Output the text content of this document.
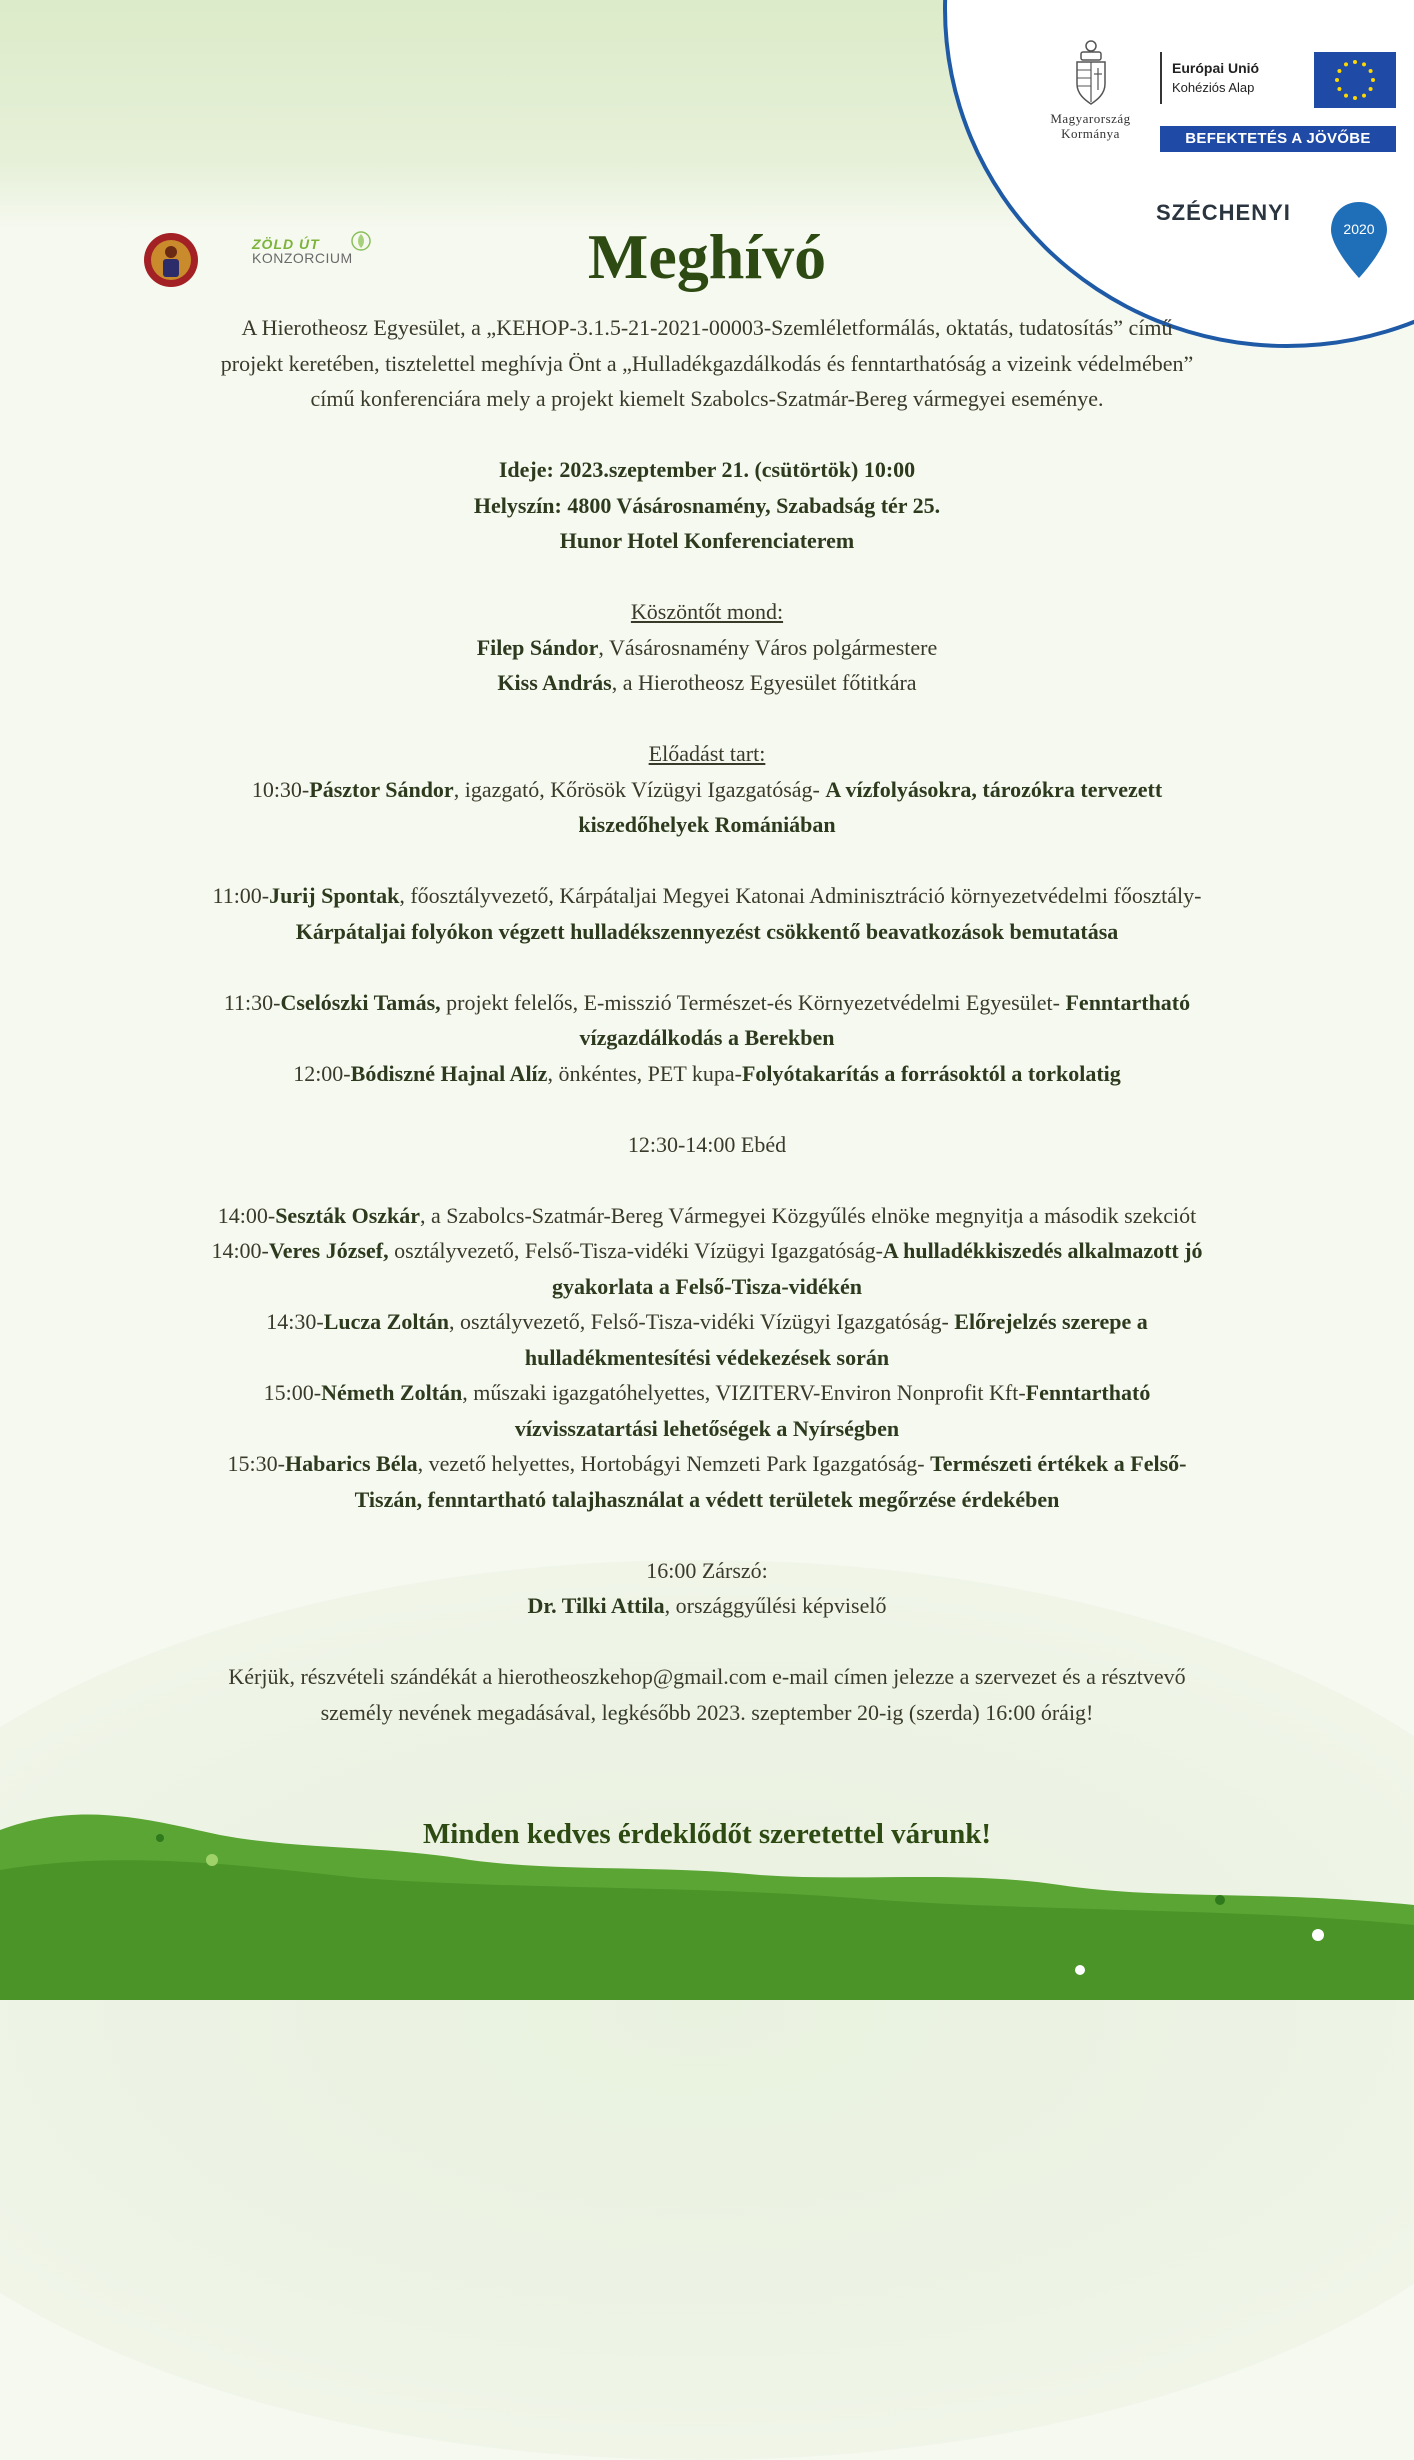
Magyarország
Kormánya
Európai Unió
Kohéziós Alap
BEFEKTETÉS A JÖVŐBE
SZÉCHENYI
2020
ZÖLD ÚT
KONZORCIUM	Meghívó

A Hierotheosz Egyesület, a „KEHOP-3.1.5-21-2021-00003-Szemléletformálás, oktatás, tudatosítás” című

projekt keretében, tisztelettel meghívja Önt a „Hulladékgazdálkodás és fenntarthatóság a vizeink védelmében”

című konferenciára mely a projekt kiemelt Szabolcs-Szatmár-Bereg vármegyei eseménye.

Ideje: 2023.szeptember 21. (csütörtök) 10:00

Helyszín: 4800 Vásárosnamény, Szabadság tér 25.

Hunor Hotel Konferenciaterem

Köszöntőt mond:

Filep Sándor, Vásárosnamény Város polgármestere

Kiss András, a Hierotheosz Egyesület főtitkára

Előadást tart:

10:30-Pásztor Sándor, igazgató, Kőrösök Vízügyi Igazgatóság- A vízfolyásokra, tározókra tervezett

kiszedőhelyek Romániában

11:00-Jurij Spontak, főosztályvezető, Kárpátaljai Megyei Katonai Adminisztráció környezetvédelmi főosztály-

Kárpátaljai folyókon végzett hulladékszennyezést csökkentő beavatkozások bemutatása

11:30-Cselószki Tamás, projekt felelős, E-misszió Természet-és Környezetvédelmi Egyesület- Fenntartható

vízgazdálkodás a Berekben

12:00-Bódiszné Hajnal Alíz, önkéntes, PET kupa-Folyótakarítás a forrásoktól a torkolatig

12:30-14:00 Ebéd

14:00-Seszták Oszkár, a Szabolcs-Szatmár-Bereg Vármegyei Közgyűlés elnöke megnyitja a második szekciót

14:00-Veres József, osztályvezető, Felső-Tisza-vidéki Vízügyi Igazgatóság-A hulladékkiszedés alkalmazott jó

gyakorlata a Felső-Tisza-vidékén

14:30-Lucza Zoltán, osztályvezető, Felső-Tisza-vidéki Vízügyi Igazgatóság- Előrejelzés szerepe a

hulladékmentesítési védekezések során

15:00-Németh Zoltán, műszaki igazgatóhelyettes, VIZITERV-Environ Nonprofit Kft-Fenntartható

vízvisszatartási lehetőségek a Nyírségben

15:30-Habarics Béla, vezető helyettes, Hortobágyi Nemzeti Park Igazgatóság- Természeti értékek a Felső-

Tiszán, fenntartható talajhasználat a védett területek megőrzése érdekében

16:00 Zárszó:

Dr. Tilki Attila, országgyűlési képviselő

Kérjük, részvételi szándékát a hierotheoszkehop@gmail.com e-mail címen jelezze a szervezet és a résztvevő

személy nevének megadásával, legkésőbb 2023. szeptember 20-ig (szerda) 16:00 óráig!

Minden kedves érdeklődőt szeretettel várunk!
